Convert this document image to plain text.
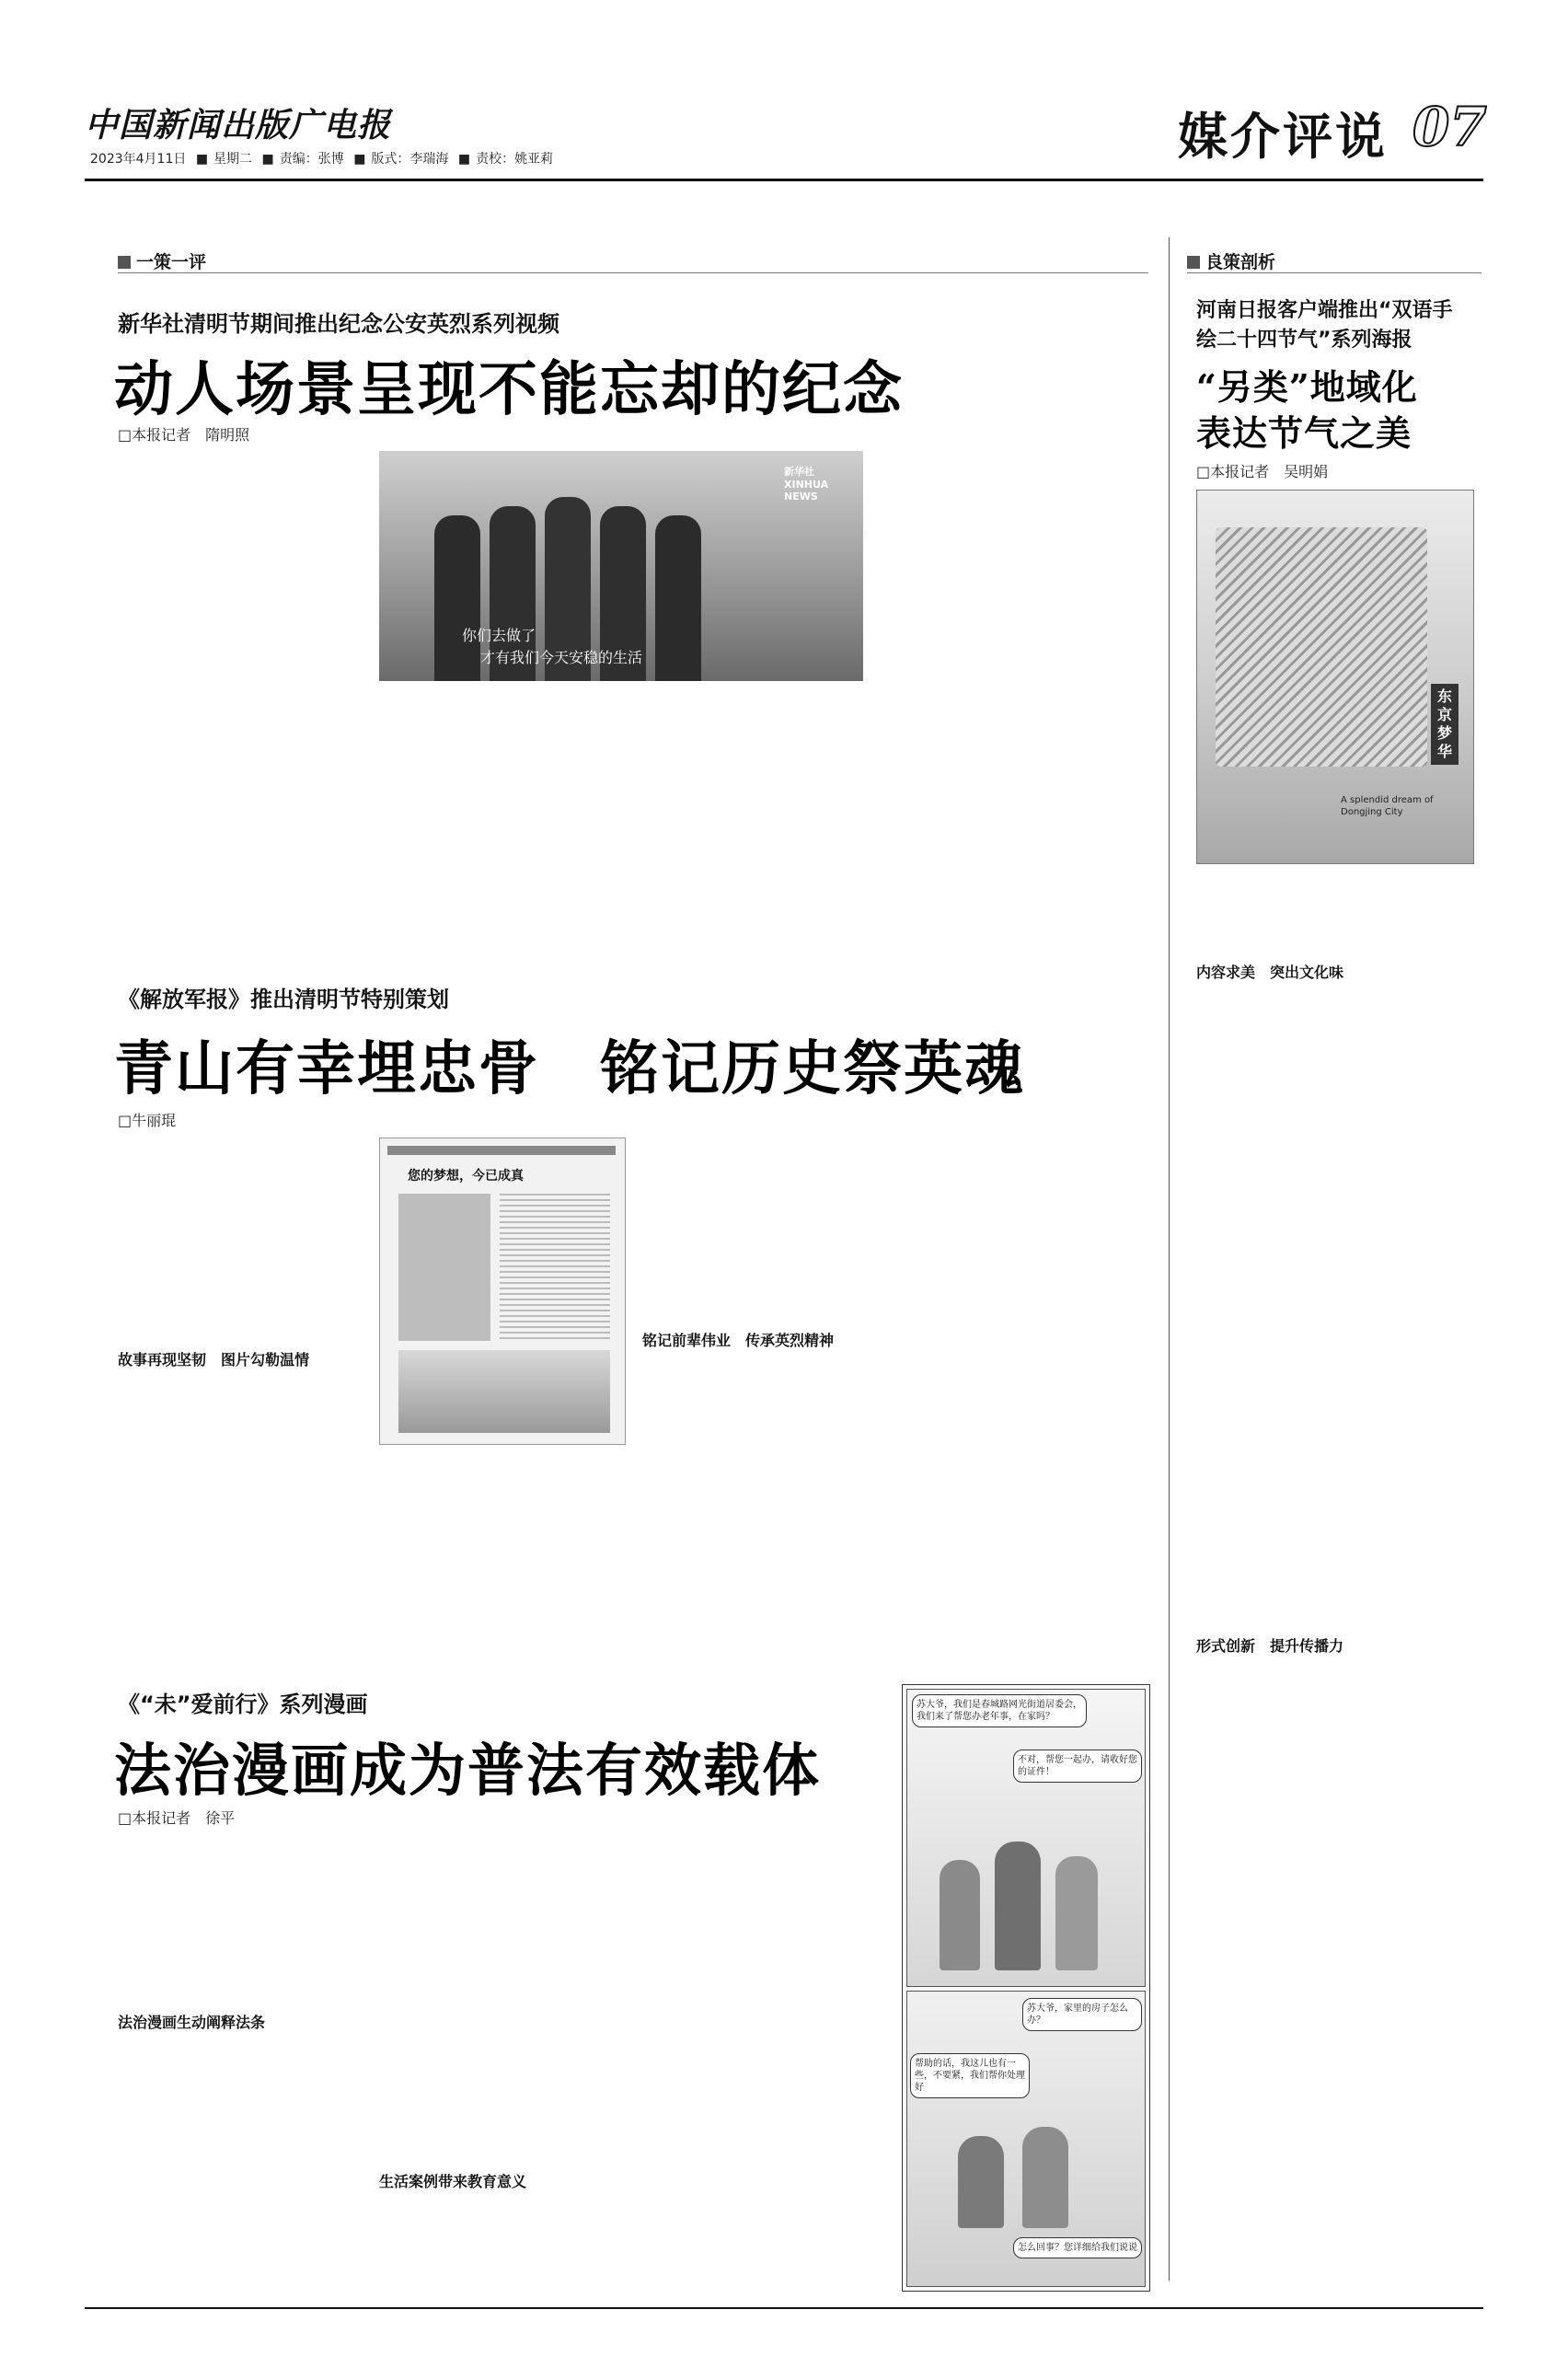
中国新闻出版广电报
2023年4月11日 ■ 星期二 ■ 责编：张博 ■ 版式：李瑞海 ■ 责校：姚亚莉	媒介评说 07
一策一评
新华社清明节期间推出纪念公安英烈系列视频
动人场景呈现不能忘却的纪念
□本报记者　隋明照
你们去做了
才有我们今天安稳的生活
新华社 XINHUA NEWS
《解放军报》推出清明节特别策划
青山有幸埋忠骨　铭记历史祭英魂
□牛丽琨
故事再现坚韧　图片勾勒温情
您的梦想，今已成真
铭记前辈伟业　传承英烈精神
《“未”爱前行》系列漫画
法治漫画成为普法有效载体
□本报记者　徐平
法治漫画生动阐释法条
生活案例带来教育意义
苏大爷，我们是春城路网光街道居委会，我们来了帮您办老年事，在家吗？
不对，帮您一起办，请收好您的证件！
苏大爷，家里的房子怎么办？
帮助的话，我这儿也有一些，不要紧，我们帮你处理好
怎么回事？您详细给我们说说
良策剖析
河南日报客户端推出“双语手绘二十四节气”系列海报
“另类”地域化
表达节气之美
□本报记者　吴明娟
东京梦华
A splendid dream of Dongjing City
内容求美　突出文化味
形式创新　提升传播力
